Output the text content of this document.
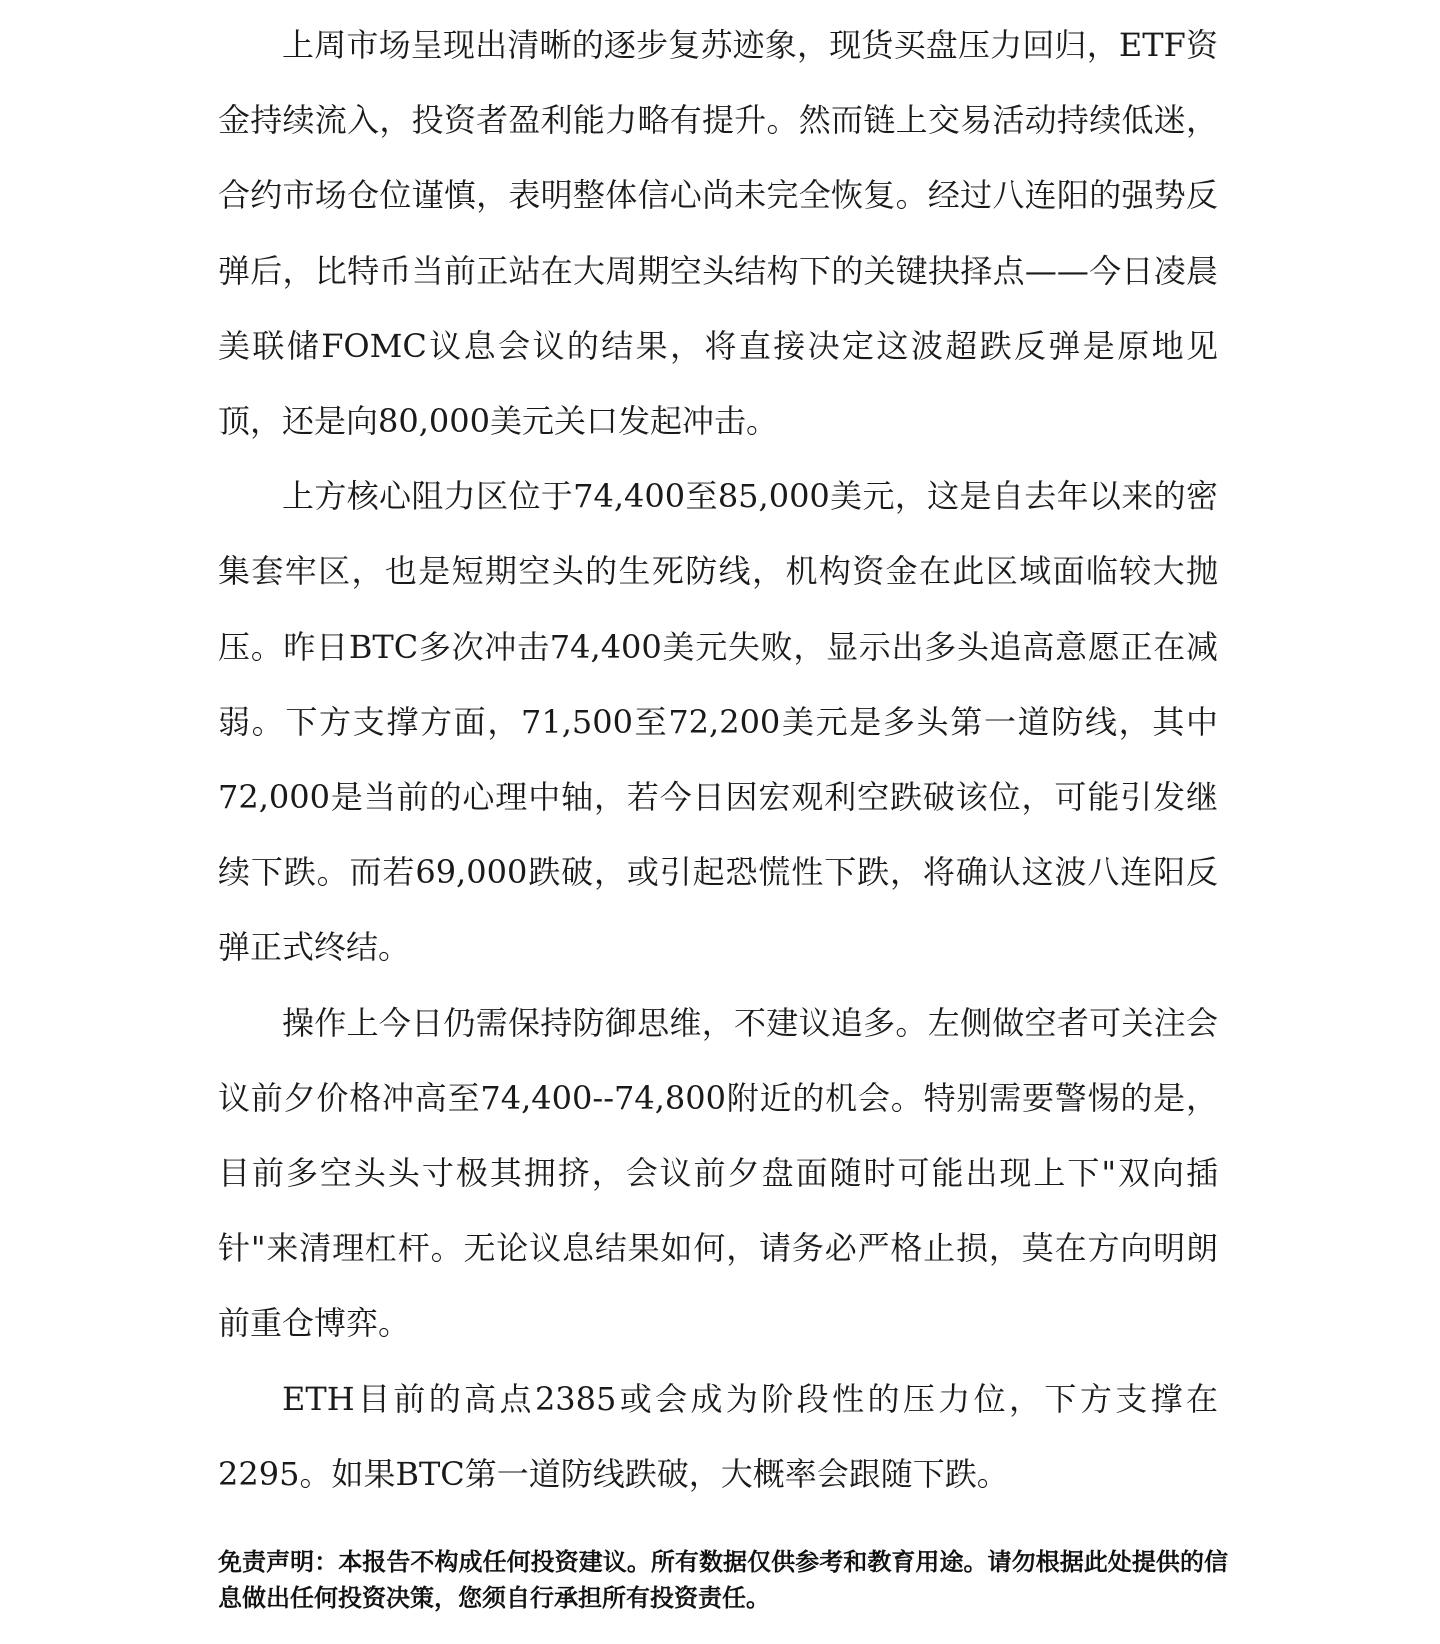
上周市场呈现出清晰的逐步复苏迹象，现货买盘压力回归，ETF资金持续流入，投资者盈利能力略有提升。然而链上交易活动持续低迷，合约市场仓位谨慎，表明整体信心尚未完全恢复。经过八连阳的强势反弹后，比特币当前正站在大周期空头结构下的关键抉择点——今日凌晨美联储FOMC议息会议的结果，将直接决定这波超跌反弹是原地见顶，还是向80,000美元关口发起冲击。

上方核心阻力区位于74,400至85,000美元，这是自去年以来的密集套牢区，也是短期空头的生死防线，机构资金在此区域面临较大抛压。昨日BTC多次冲击74,400美元失败，显示出多头追高意愿正在减弱。下方支撑方面，71,500至72,200美元是多头第一道防线，其中72,000是当前的心理中轴，若今日因宏观利空跌破该位，可能引发继续下跌。而若69,000跌破，或引起恐慌性下跌，将确认这波八连阳反弹正式终结。

操作上今日仍需保持防御思维，不建议追多。左侧做空者可关注会议前夕价格冲高至74,400--74,800附近的机会。特别需要警惕的是，目前多空头头寸极其拥挤，会议前夕盘面随时可能出现上下"双向插针"来清理杠杆。无论议息结果如何，请务必严格止损，莫在方向明朗前重仓博弈。

ETH目前的高点2385或会成为阶段性的压力位，下方支撑在2295。如果BTC第一道防线跌破，大概率会跟随下跌。

免责声明：本报告不构成任何投资建议。所有数据仅供参考和教育用途。请勿根据此处提供的信息做出任何投资决策，您须自行承担所有投资责任。
